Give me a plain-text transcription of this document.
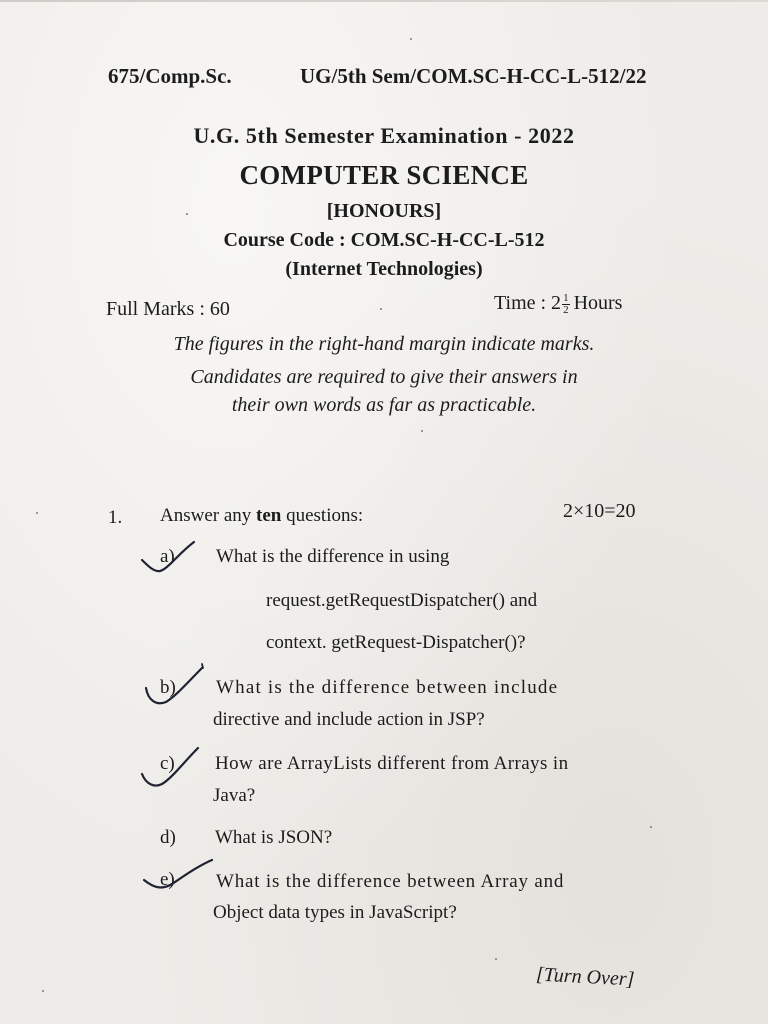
675/Comp.Sc.	UG/5th Sem/COM.SC-H-CC-L-512/22
U.G. 5th Semester Examination - 2022
COMPUTER SCIENCE
[HONOURS]
Course Code : COM.SC-H-CC-L-512
(Internet Technologies)
Full Marks : 60	Time : $2 \frac{1}{2}$ Hours
The figures in the right-hand margin indicate marks.
Candidates are required to give their answers in
their own words as far as practicable.
1. Answer any ten questions:	2×10=20
a) What is the difference in using
request.getRequestDispatcher() and
context. getRequest-Dispatcher()?
b) What is the difference between include
directive and include action in JSP?
c) How are ArrayLists different from Arrays in
Java?
d) What is JSON?
e) What is the difference between Array and
Object data types in JavaScript?
[Turn Over]
